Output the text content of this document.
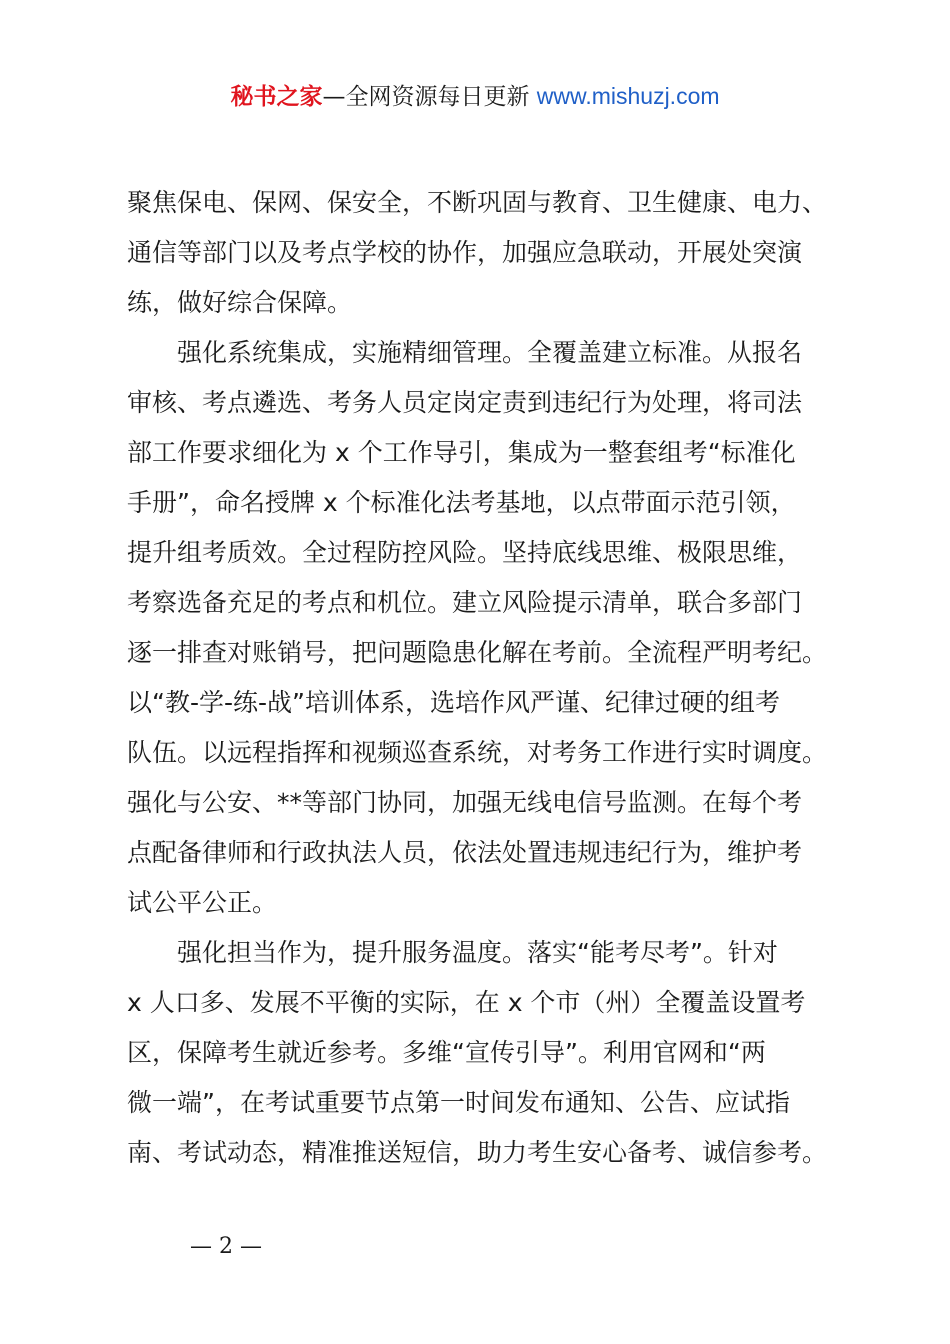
秘书之家—全网资源每日更新 www.mishuzj.com
聚焦保电、保网、保安全，不断巩固与教育、卫生健康、电力、
通信等部门以及考点学校的协作，加强应急联动，开展处突演
练，做好综合保障。
　　强化系统集成，实施精细管理。全覆盖建立标准。从报名
审核、考点遴选、考务人员定岗定责到违纪行为处理，将司法
部工作要求细化为 x 个工作导引，集成为一整套组考“标准化
手册”，命名授牌 x 个标准化法考基地，以点带面示范引领，
提升组考质效。全过程防控风险。坚持底线思维、极限思维，
考察选备充足的考点和机位。建立风险提示清单，联合多部门
逐一排查对账销号，把问题隐患化解在考前。全流程严明考纪。
以“教-学-练-战”培训体系，选培作风严谨、纪律过硬的组考
队伍。以远程指挥和视频巡查系统，对考务工作进行实时调度。
强化与公安、**等部门协同，加强无线电信号监测。在每个考
点配备律师和行政执法人员，依法处置违规违纪行为，维护考
试公平公正。
　　强化担当作为，提升服务温度。落实“能考尽考”。针对
x 人口多、发展不平衡的实际，在 x 个市（州）全覆盖设置考
区，保障考生就近参考。多维“宣传引导”。利用官网和“两
微一端”，在考试重要节点第一时间发布通知、公告、应试指
南、考试动态，精准推送短信，助力考生安心备考、诚信参考。
— 2 —
